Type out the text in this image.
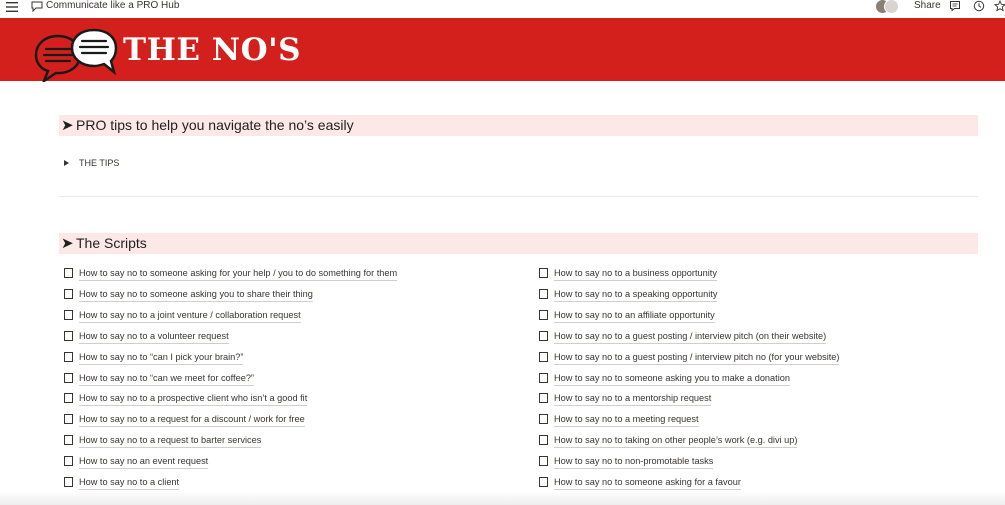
Communicate like a PRO Hub	Share
THE NO'S
➤ PRO tips to help you navigate the no’s easily
THE TIPS
➤ The Scripts
How to say no to someone asking for your help / you to do something for them
How to say no to someone asking you to share their thing
How to say no to a joint venture / collaboration request
How to say no to a volunteer request
How to say no to “can I pick your brain?”
How to say no to “can we meet for coffee?”
How to say no to a prospective client who isn’t a good fit
How to say no to a request for a discount / work for free
How to say no to a request to barter services
How to say no an event request
How to say no to a client
How to say no to a business opportunity
How to say no to a speaking opportunity
How to say no to an affiliate opportunity
How to say no to a guest posting / interview pitch (on their website)
How to say no to a guest posting / interview pitch no (for your website)
How to say no to someone asking you to make a donation
How to say no to a mentorship request
How to say no to a meeting request
How to say no to taking on other people’s work (e.g. divi up)
How to say no to non-promotable tasks
How to say no to someone asking for a favour
